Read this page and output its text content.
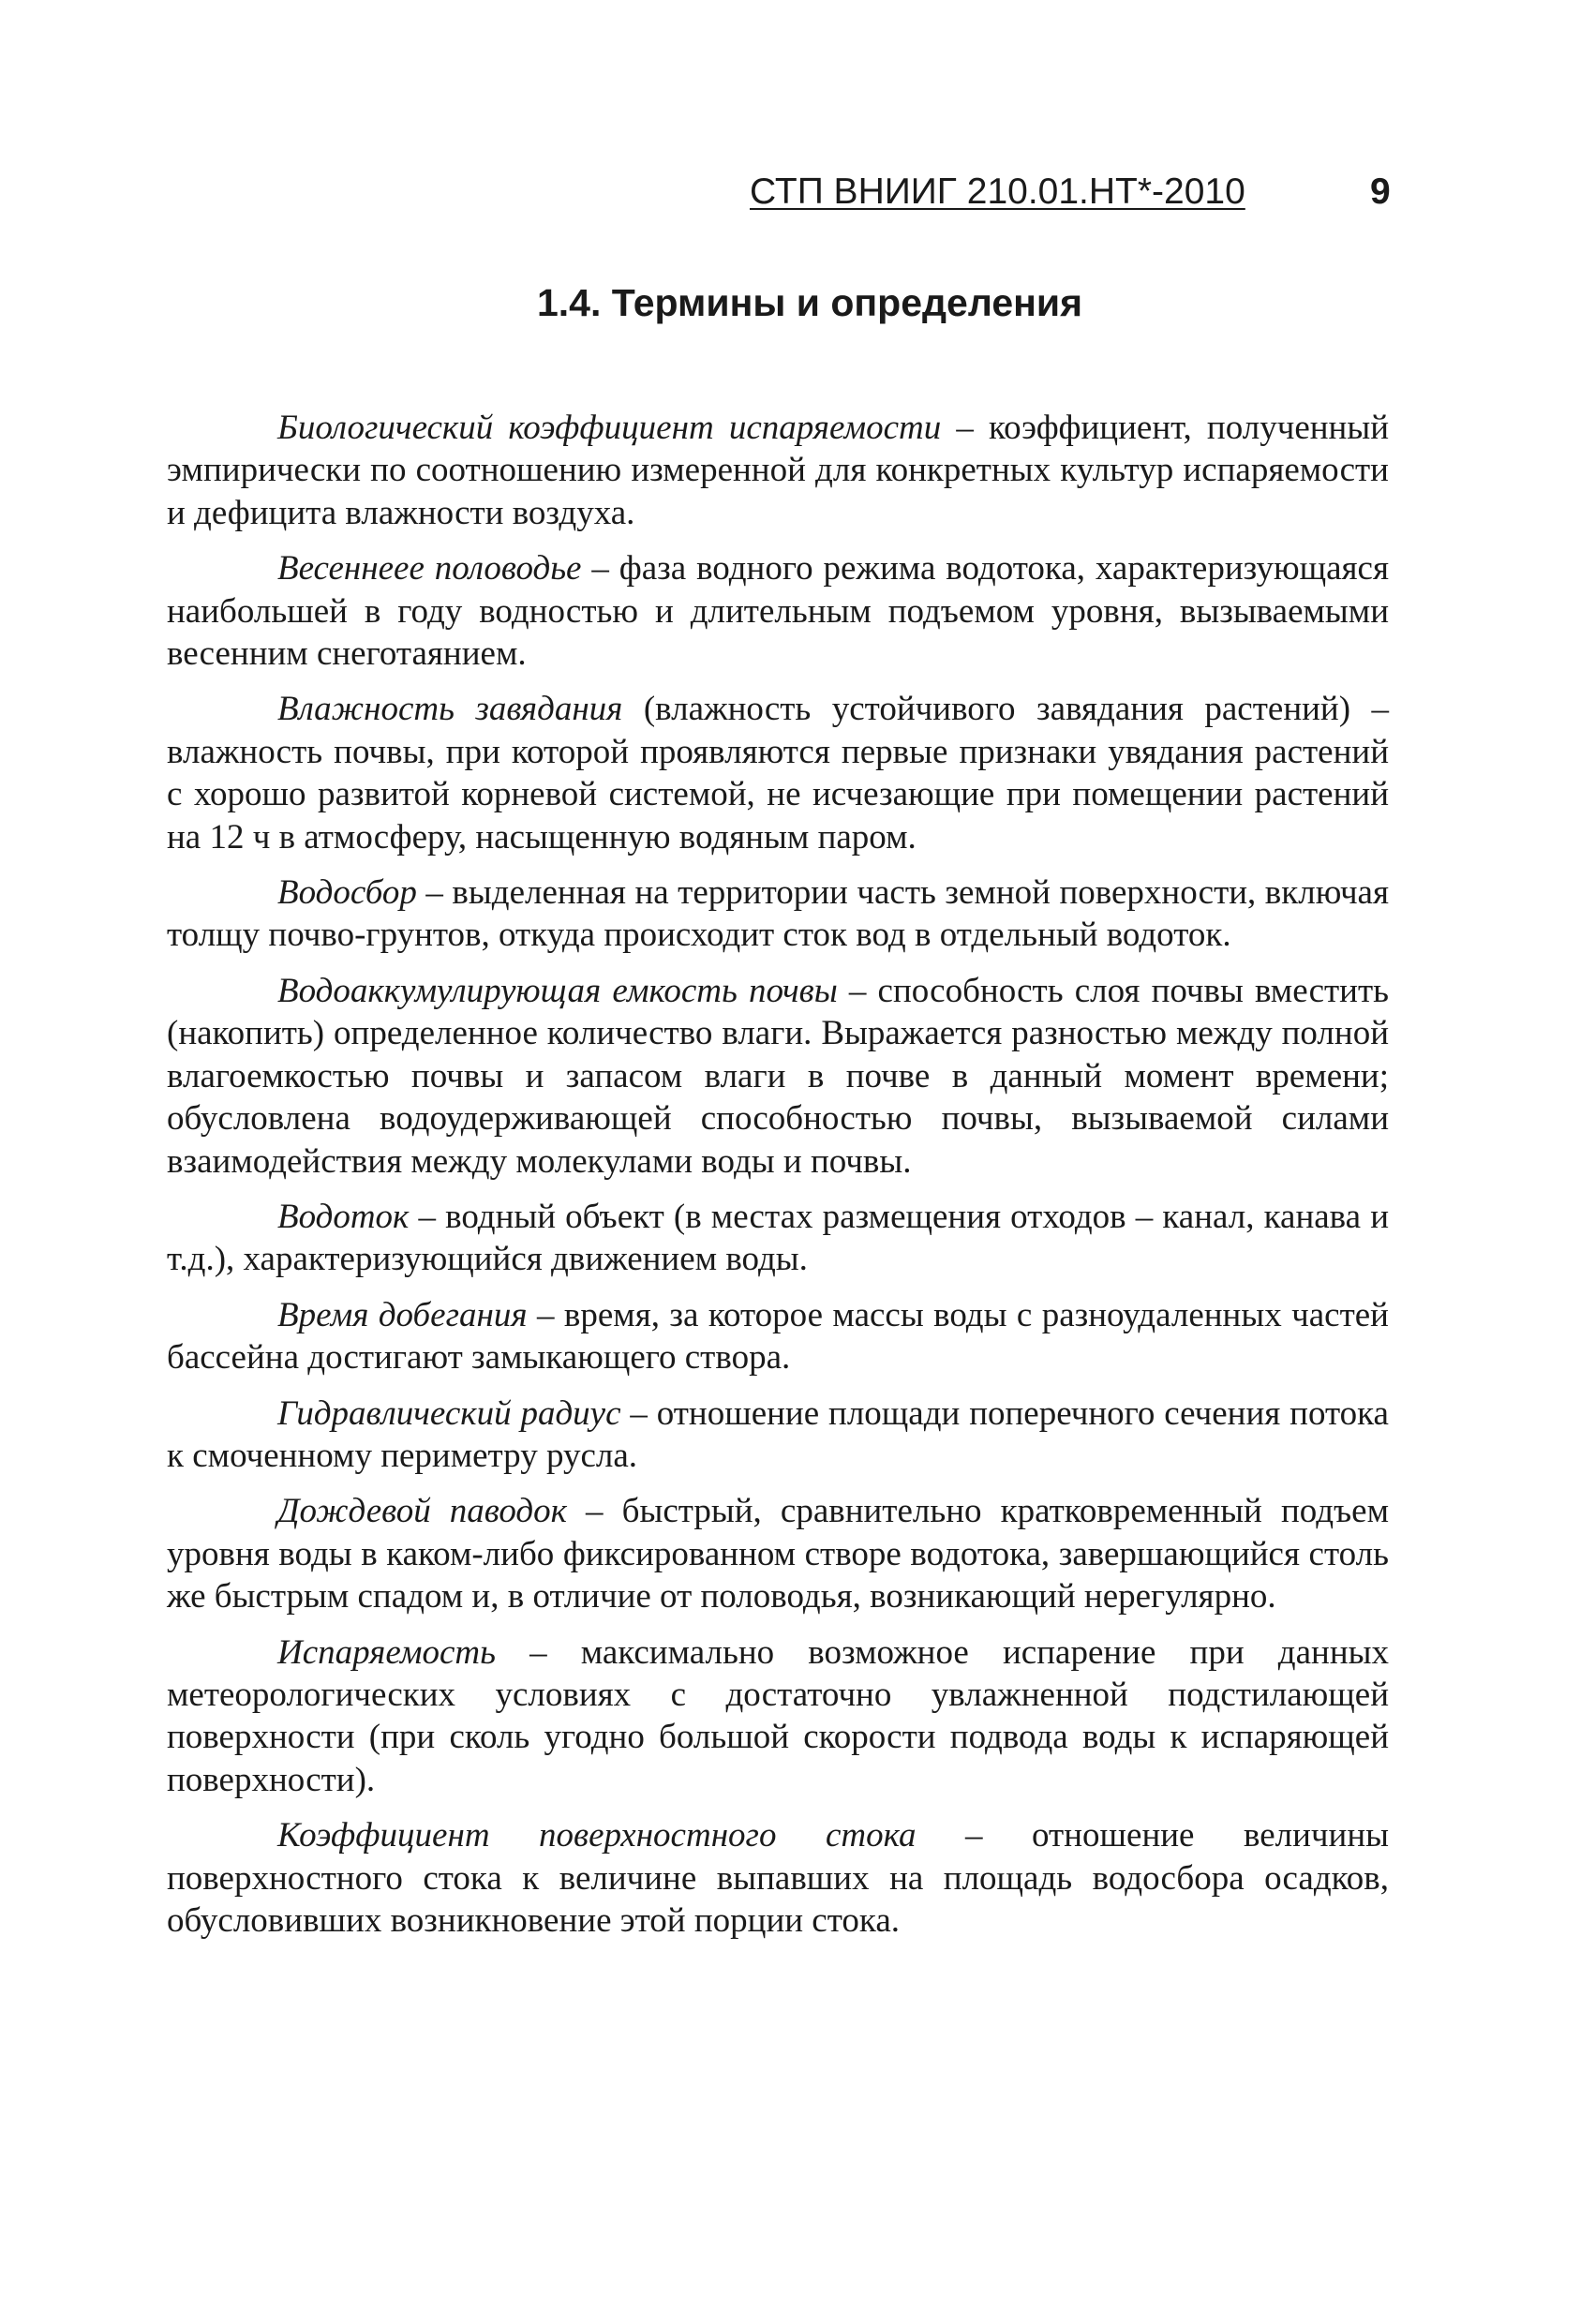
СТП ВНИИГ 210.01.НТ*-2010	9
1.4. Термины и определения

Биологический коэффициент испаряемости – коэффициент, полученный эмпирически по соотношению измеренной для конкретных культур испаряемости и дефицита влажности воздуха.

Весеннеее половодье – фаза водного режима водотока, характеризующаяся наибольшей в году водностью и длительным подъемом уровня, вызываемыми весенним снеготаянием.

Влажность завядания (влажность устойчивого завядания растений) – влажность почвы, при которой проявляются первые признаки увядания растений с хорошо развитой корневой системой, не исчезающие при помещении растений на 12 ч в атмосферу, насыщенную водяным паром.

Водосбор – выделенная на территории часть земной поверхности, включая толщу почво-грунтов, откуда происходит сток вод в отдельный водоток.

Водоаккумулирующая емкость почвы – способность слоя почвы вместить (накопить) определенное количество влаги. Выражается разностью между полной влагоемкостью почвы и запасом влаги в почве в данный момент времени; обусловлена водоудерживающей способностью почвы, вызываемой силами взаимодействия между молекулами воды и почвы.

Водоток – водный объект (в местах размещения отходов – канал, канава и т.д.), характеризующийся движением воды.

Время добегания – время, за которое массы воды с разноудаленных частей бассейна достигают замыкающего створа.

Гидравлический радиус – отношение площади поперечного сечения потока к смоченному периметру русла.

Дождевой паводок – быстрый, сравнительно кратковременный подъем уровня воды в каком-либо фиксированном створе водотока, завершающийся столь же быстрым спадом и, в отличие от половодья, возникающий нерегулярно.

Испаряемость – максимально возможное испарение при данных метеорологических условиях с достаточно увлажненной подстилающей поверхности (при сколь угодно большой скорости подвода воды к испаряющей поверхности).

Коэффициент поверхностного стока – отношение величины поверхностного стока к величине выпавших на площадь водосбора осадков, обусловивших возникновение этой порции стока.
